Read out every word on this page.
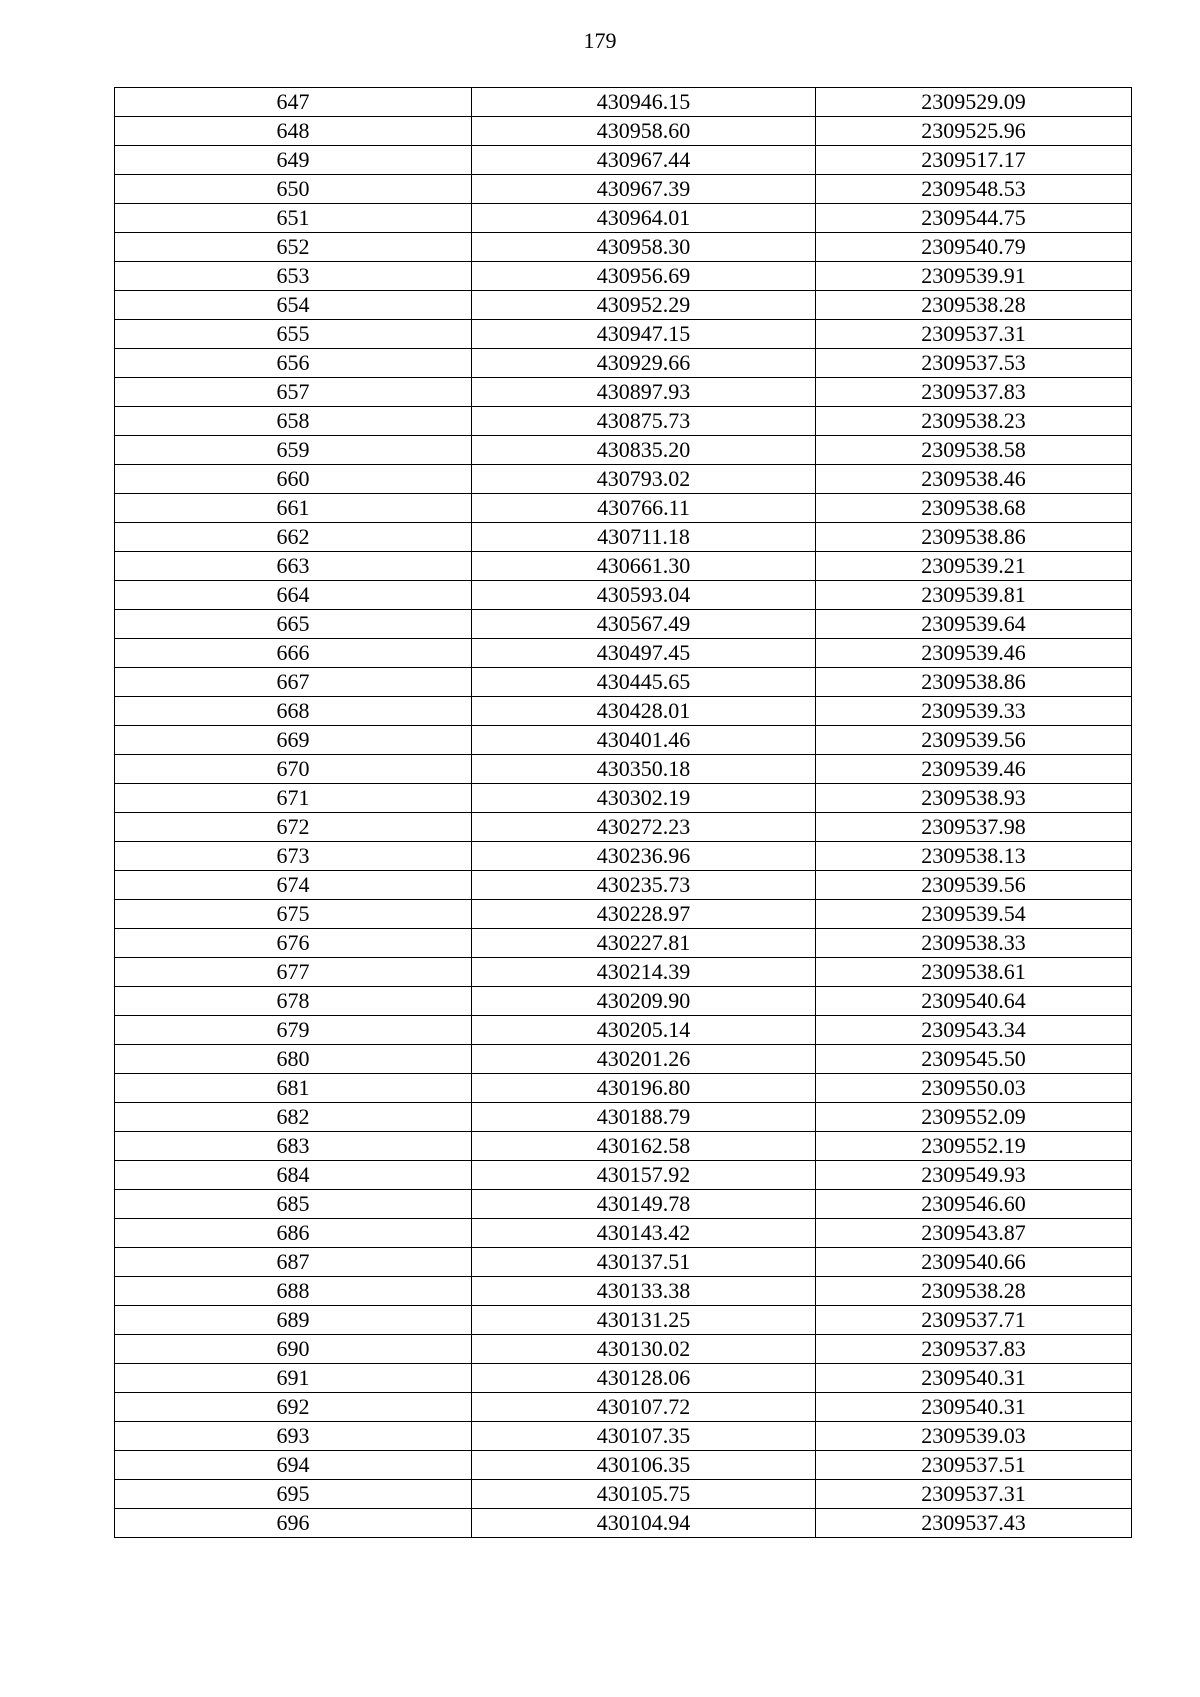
179
647	430946.15	2309529.09
648	430958.60	2309525.96
649	430967.44	2309517.17
650	430967.39	2309548.53
651	430964.01	2309544.75
652	430958.30	2309540.79
653	430956.69	2309539.91
654	430952.29	2309538.28
655	430947.15	2309537.31
656	430929.66	2309537.53
657	430897.93	2309537.83
658	430875.73	2309538.23
659	430835.20	2309538.58
660	430793.02	2309538.46
661	430766.11	2309538.68
662	430711.18	2309538.86
663	430661.30	2309539.21
664	430593.04	2309539.81
665	430567.49	2309539.64
666	430497.45	2309539.46
667	430445.65	2309538.86
668	430428.01	2309539.33
669	430401.46	2309539.56
670	430350.18	2309539.46
671	430302.19	2309538.93
672	430272.23	2309537.98
673	430236.96	2309538.13
674	430235.73	2309539.56
675	430228.97	2309539.54
676	430227.81	2309538.33
677	430214.39	2309538.61
678	430209.90	2309540.64
679	430205.14	2309543.34
680	430201.26	2309545.50
681	430196.80	2309550.03
682	430188.79	2309552.09
683	430162.58	2309552.19
684	430157.92	2309549.93
685	430149.78	2309546.60
686	430143.42	2309543.87
687	430137.51	2309540.66
688	430133.38	2309538.28
689	430131.25	2309537.71
690	430130.02	2309537.83
691	430128.06	2309540.31
692	430107.72	2309540.31
693	430107.35	2309539.03
694	430106.35	2309537.51
695	430105.75	2309537.31
696	430104.94	2309537.43
